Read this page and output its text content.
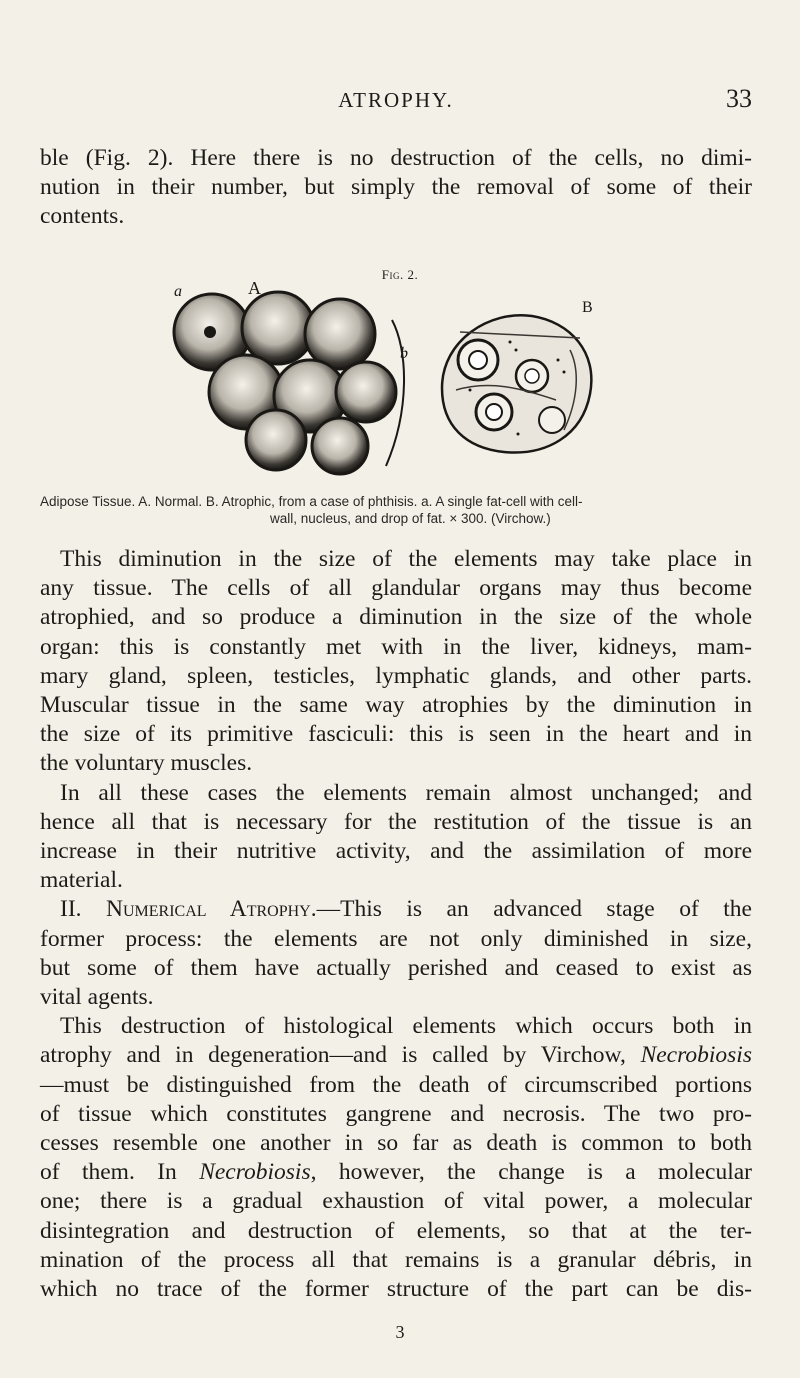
ATROPHY.	33

ble (Fig. 2). Here there is no destruction of the cells, no dimi-

nution in their number, but simply the removal of some of their

contents.

Fig. 2.
a	A
B
b
Adipose Tissue. A. Normal. B. Atrophic, from a case of phthisis. a. A single fat-cell with cell-
wall, nucleus, and drop of fat. × 300. (Virchow.)

This diminution in the size of the elements may take place in

any tissue. The cells of all glandular organs may thus become

atrophied, and so produce a diminution in the size of the whole

organ: this is constantly met with in the liver, kidneys, mam-

mary gland, spleen, testicles, lymphatic glands, and other parts.

Muscular tissue in the same way atrophies by the diminution in

the size of its primitive fasciculi: this is seen in the heart and in

the voluntary muscles.

In all these cases the elements remain almost unchanged; and

hence all that is necessary for the restitution of the tissue is an

increase in their nutritive activity, and the assimilation of more

material.

II. Numerical Atrophy.—This is an advanced stage of the

former process: the elements are not only diminished in size,

but some of them have actually perished and ceased to exist as

vital agents.

This destruction of histological elements which occurs both in

atrophy and in degeneration—and is called by Virchow, Necrobiosis

—must be distinguished from the death of circumscribed portions

of tissue which constitutes gangrene and necrosis. The two pro-

cesses resemble one another in so far as death is common to both

of them. In Necrobiosis, however, the change is a molecular

one; there is a gradual exhaustion of vital power, a molecular

disintegration and destruction of elements, so that at the ter-

mination of the process all that remains is a granular débris, in

which no trace of the former structure of the part can be dis-

3
